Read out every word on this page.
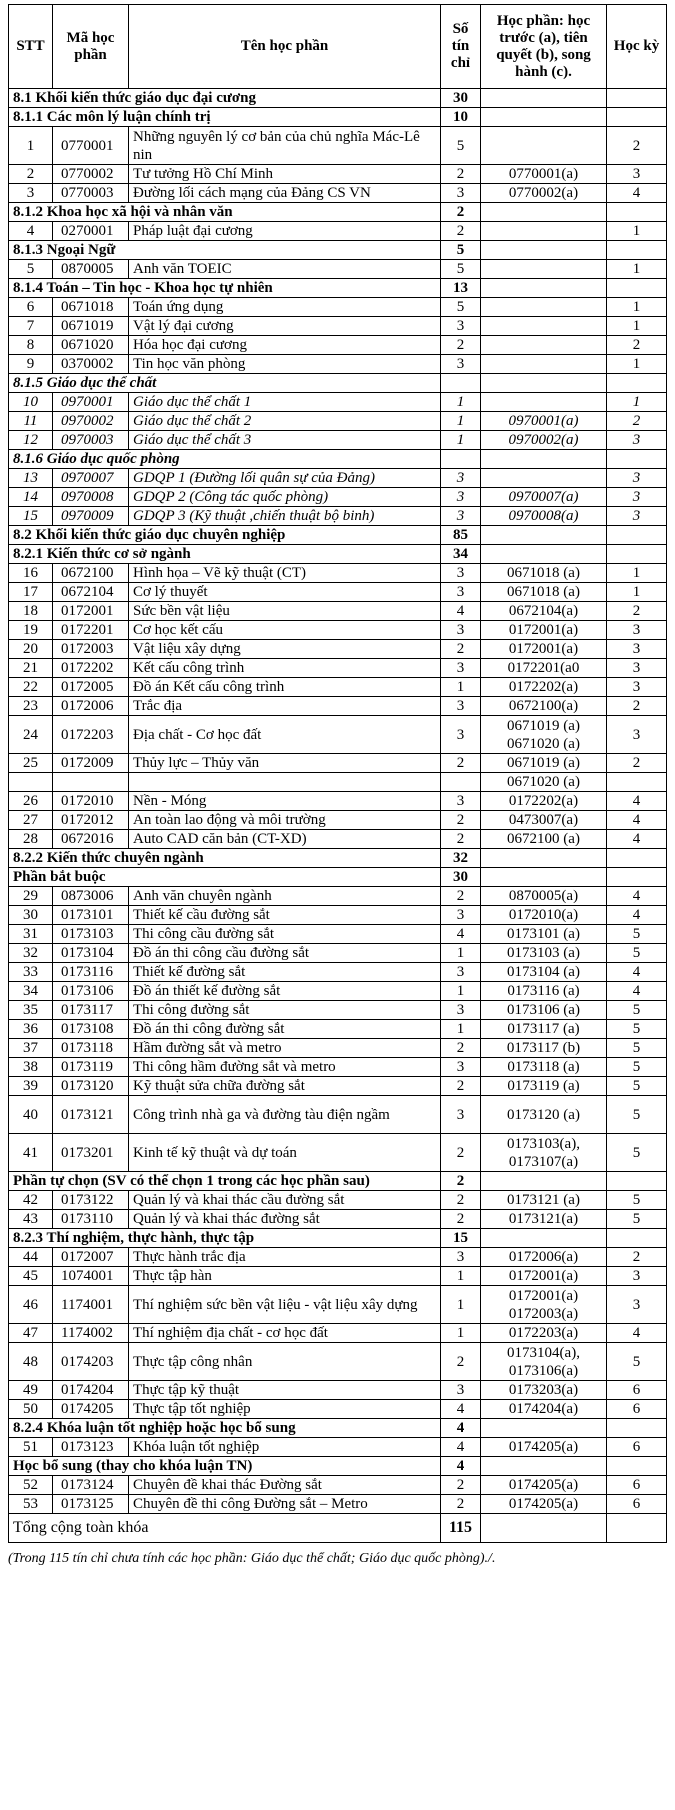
STT	Mã học phần	Tên học phần	Số tín chỉ	Học phần: học trước (a), tiên quyết (b), song hành (c).	Học kỳ
8.1 Khối kiến thức giáo dục đại cương			30		
8.1.1 Các môn lý luận chính trị			10		
1	0770001	Những nguyên lý cơ bản của chủ nghĩa Mác-Lê nin	5		2
2	0770002	Tư tưởng Hồ Chí Minh	2	0770001(a)	3
3	0770003	Đường lối cách mạng của Đảng CS VN	3	0770002(a)	4
8.1.2 Khoa học xã hội và nhân văn			2		
4	0270001	Pháp luật đại cương	2		1
8.1.3 Ngoại Ngữ			5		
5	0870005	Anh văn TOEIC	5		1
8.1.4 Toán – Tin học - Khoa học tự nhiên			13		
6	0671018	Toán ứng dụng	5		1
7	0671019	Vật lý đại cương	3		1
8	0671020	Hóa học đại cương	2		2
9	0370002	Tin học văn phòng	3		1
8.1.5 Giáo dục thể chất					
10	0970001	Giáo dục thể chất 1	1		1
11	0970002	Giáo dục thể chất 2	1	0970001(a)	2
12	0970003	Giáo dục thể chất 3	1	0970002(a)	3
8.1.6 Giáo dục quốc phòng					
13	0970007	GDQP 1 (Đường lối quân sự của Đảng)	3		3
14	0970008	GDQP 2 (Công tác quốc phòng)	3	0970007(a)	3
15	0970009	GDQP 3 (Kỹ thuật ,chiến thuật bộ binh)	3	0970008(a)	3
8.2 Khối kiến thức giáo dục chuyên nghiệp			85		
8.2.1 Kiến thức cơ sở ngành			34		
16	0672100	Hình họa – Vẽ kỹ thuật (CT)	3	0671018 (a)	1
17	0672104	Cơ lý thuyết	3	0671018 (a)	1
18	0172001	Sức bền vật liệu	4	0672104(a)	2
19	0172201	Cơ học kết cấu	3	0172001(a)	3
20	0172003	Vật liệu xây dựng	2	0172001(a)	3
21	0172202	Kết cấu công trình	3	0172201(a0	3
22	0172005	Đồ án Kết cấu công trình	1	0172202(a)	3
23	0172006	Trắc địa	3	0672100(a)	2
24	0172203	Địa chất - Cơ học đất	3	0671019 (a) 0671020 (a)	3
25	0172009	Thủy lực – Thủy văn	2	0671019 (a)	2
				0671020 (a)	
26	0172010	Nền - Móng	3	0172202(a)	4
27	0172012	An toàn lao động và môi trường	2	0473007(a)	4
28	0672016	Auto CAD căn bản (CT-XD)	2	0672100 (a)	4
8.2.2 Kiến thức chuyên ngành			32		
Phần bắt buộc			30		
29	0873006	Anh văn chuyên ngành	2	0870005(a)	4
30	0173101	Thiết kế cầu đường sắt	3	0172010(a)	4
31	0173103	Thi công cầu đường sắt	4	0173101 (a)	5
32	0173104	Đồ án thi công cầu đường sắt	1	0173103 (a)	5
33	0173116	Thiết kế đường sắt	3	0173104 (a)	4
34	0173106	Đồ án thiết kế đường sắt	1	0173116 (a)	4
35	0173117	Thi công đường sắt	3	0173106 (a)	5
36	0173108	Đồ án thi công đường sắt	1	0173117 (a)	5
37	0173118	Hầm đường sắt và metro	2	0173117 (b)	5
38	0173119	Thi công hầm đường sắt và metro	3	0173118 (a)	5
39	0173120	Kỹ thuật sửa chữa đường sắt	2	0173119 (a)	5
40	0173121	Công trình nhà ga và đường tàu điện ngầm	3	0173120 (a)	5
41	0173201	Kinh tế kỹ thuật và dự toán	2	0173103(a), 0173107(a)	5
Phần tự chọn (SV có thể chọn 1 trong các học phần sau)			2		
42	0173122	Quản lý và khai thác cầu đường sắt	2	0173121 (a)	5
43	0173110	Quản lý và khai thác đường sắt	2	0173121(a)	5
8.2.3 Thí nghiệm, thực hành, thực tập			15		
44	0172007	Thực hành trắc địa	3	0172006(a)	2
45	1074001	Thực tập hàn	1	0172001(a)	3
46	1174001	Thí nghiệm sức bền vật liệu - vật liệu xây dựng	1	0172001(a) 0172003(a)	3
47	1174002	Thí nghiệm địa chất - cơ học đất	1	0172203(a)	4
48	0174203	Thực tập công nhân	2	0173104(a), 0173106(a)	5
49	0174204	Thực tập kỹ thuật	3	0173203(a)	6
50	0174205	Thực tập tốt nghiệp	4	0174204(a)	6
8.2.4 Khóa luận tốt nghiệp hoặc học bổ sung			4		
51	0173123	Khóa luận tốt nghiệp	4	0174205(a)	6
Học bổ sung (thay cho khóa luận TN)			4		
52	0173124	Chuyên đề khai thác Đường sắt	2	0174205(a)	6
53	0173125	Chuyên đề thi công Đường sắt – Metro	2	0174205(a)	6
Tổng cộng toàn khóa			115		
(Trong 115 tín chỉ chưa tính các học phần: Giáo dục thể chất; Giáo dục quốc phòng)./.
